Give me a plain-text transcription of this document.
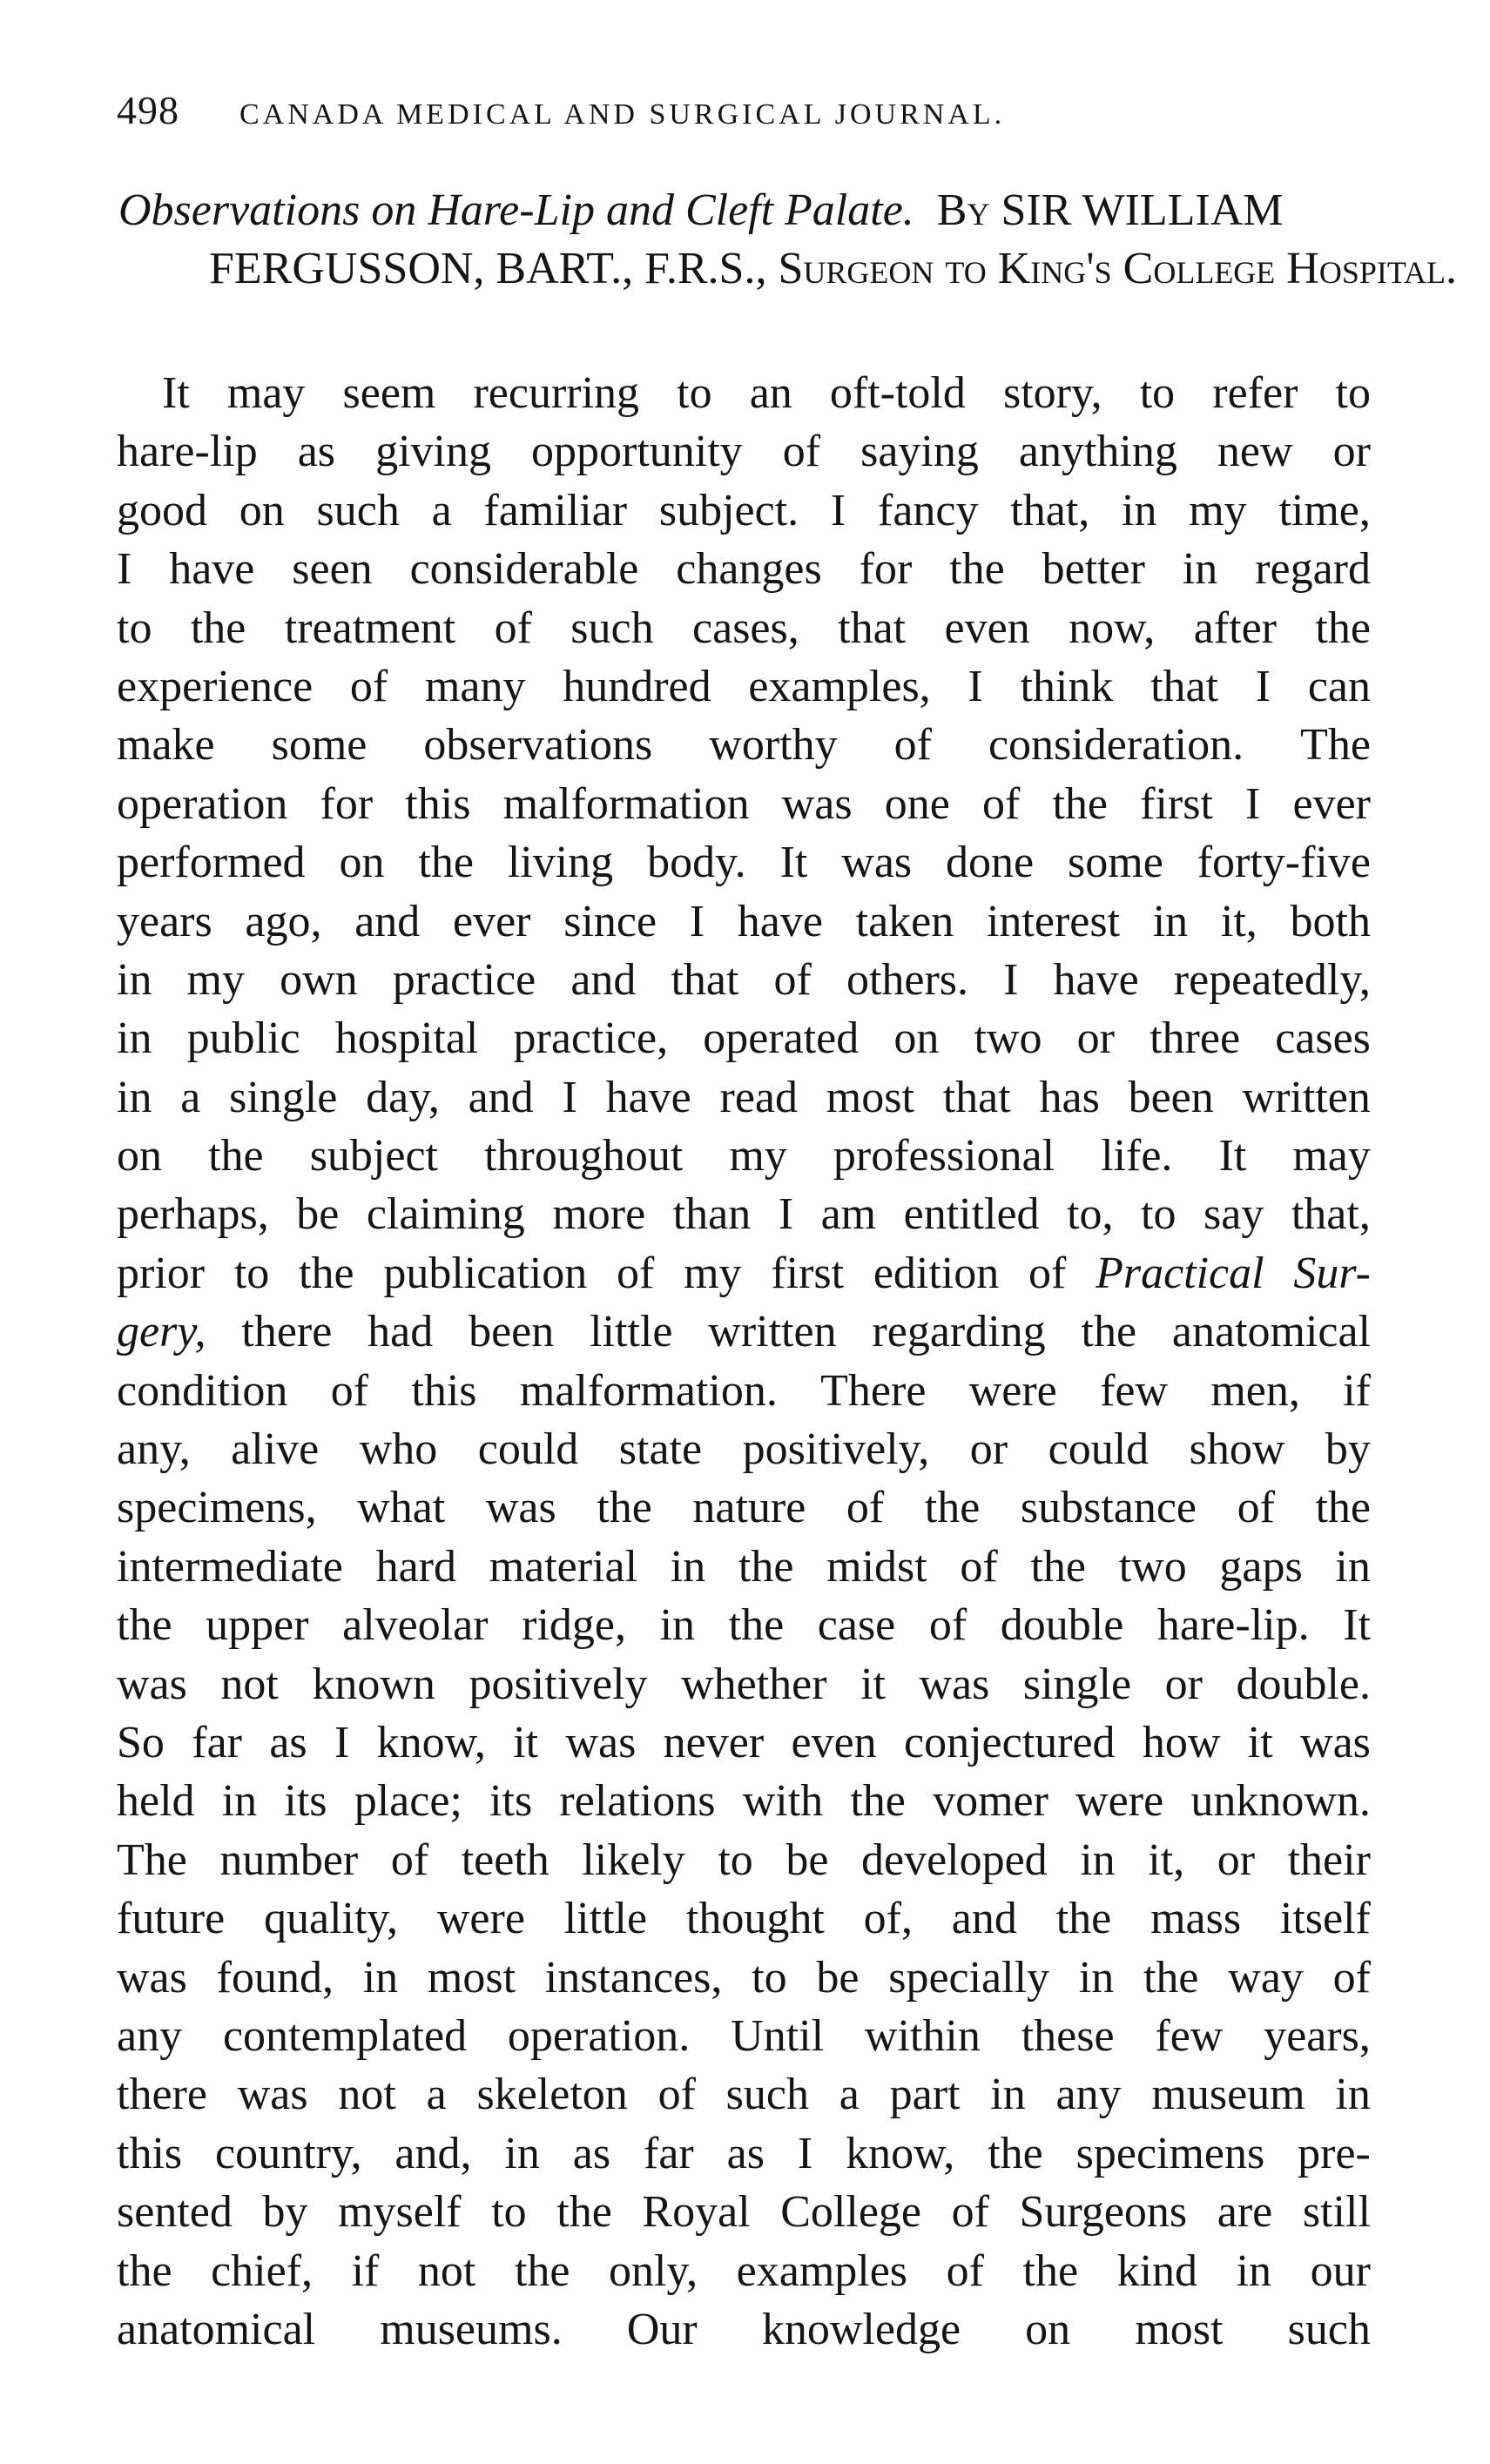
498 CANADA MEDICAL AND SURGICAL JOURNAL.
Observations on Hare-Lip and Cleft Palate. By SIR WILLIAM FERGUSSON, BART., F.R.S., Surgeon to King's College Hospital.
It may seem recurring to an oft-told story, to refer to
hare-lip as giving opportunity of saying anything new or
good on such a familiar subject. I fancy that, in my time,
I have seen considerable changes for the better in regard
to the treatment of such cases, that even now, after the
experience of many hundred examples, I think that I can
make some observations worthy of consideration. The
operation for this malformation was one of the first I ever
performed on the living body. It was done some forty-five
years ago, and ever since I have taken interest in it, both
in my own practice and that of others. I have repeatedly,
in public hospital practice, operated on two or three cases
in a single day, and I have read most that has been written
on the subject throughout my professional life. It may
perhaps, be claiming more than I am entitled to, to say that,
prior to the publication of my first edition of Practical Sur-
gery, there had been little written regarding the anatomical
condition of this malformation. There were few men, if
any, alive who could state positively, or could show by
specimens, what was the nature of the substance of the
intermediate hard material in the midst of the two gaps in
the upper alveolar ridge, in the case of double hare-lip. It
was not known positively whether it was single or double.
So far as I know, it was never even conjectured how it was
held in its place; its relations with the vomer were unknown.
The number of teeth likely to be developed in it, or their
future quality, were little thought of, and the mass itself
was found, in most instances, to be specially in the way of
any contemplated operation. Until within these few years,
there was not a skeleton of such a part in any museum in
this country, and, in as far as I know, the specimens pre-
sented by myself to the Royal College of Surgeons are still
the chief, if not the only, examples of the kind in our
anatomical museums. Our knowledge on most such
